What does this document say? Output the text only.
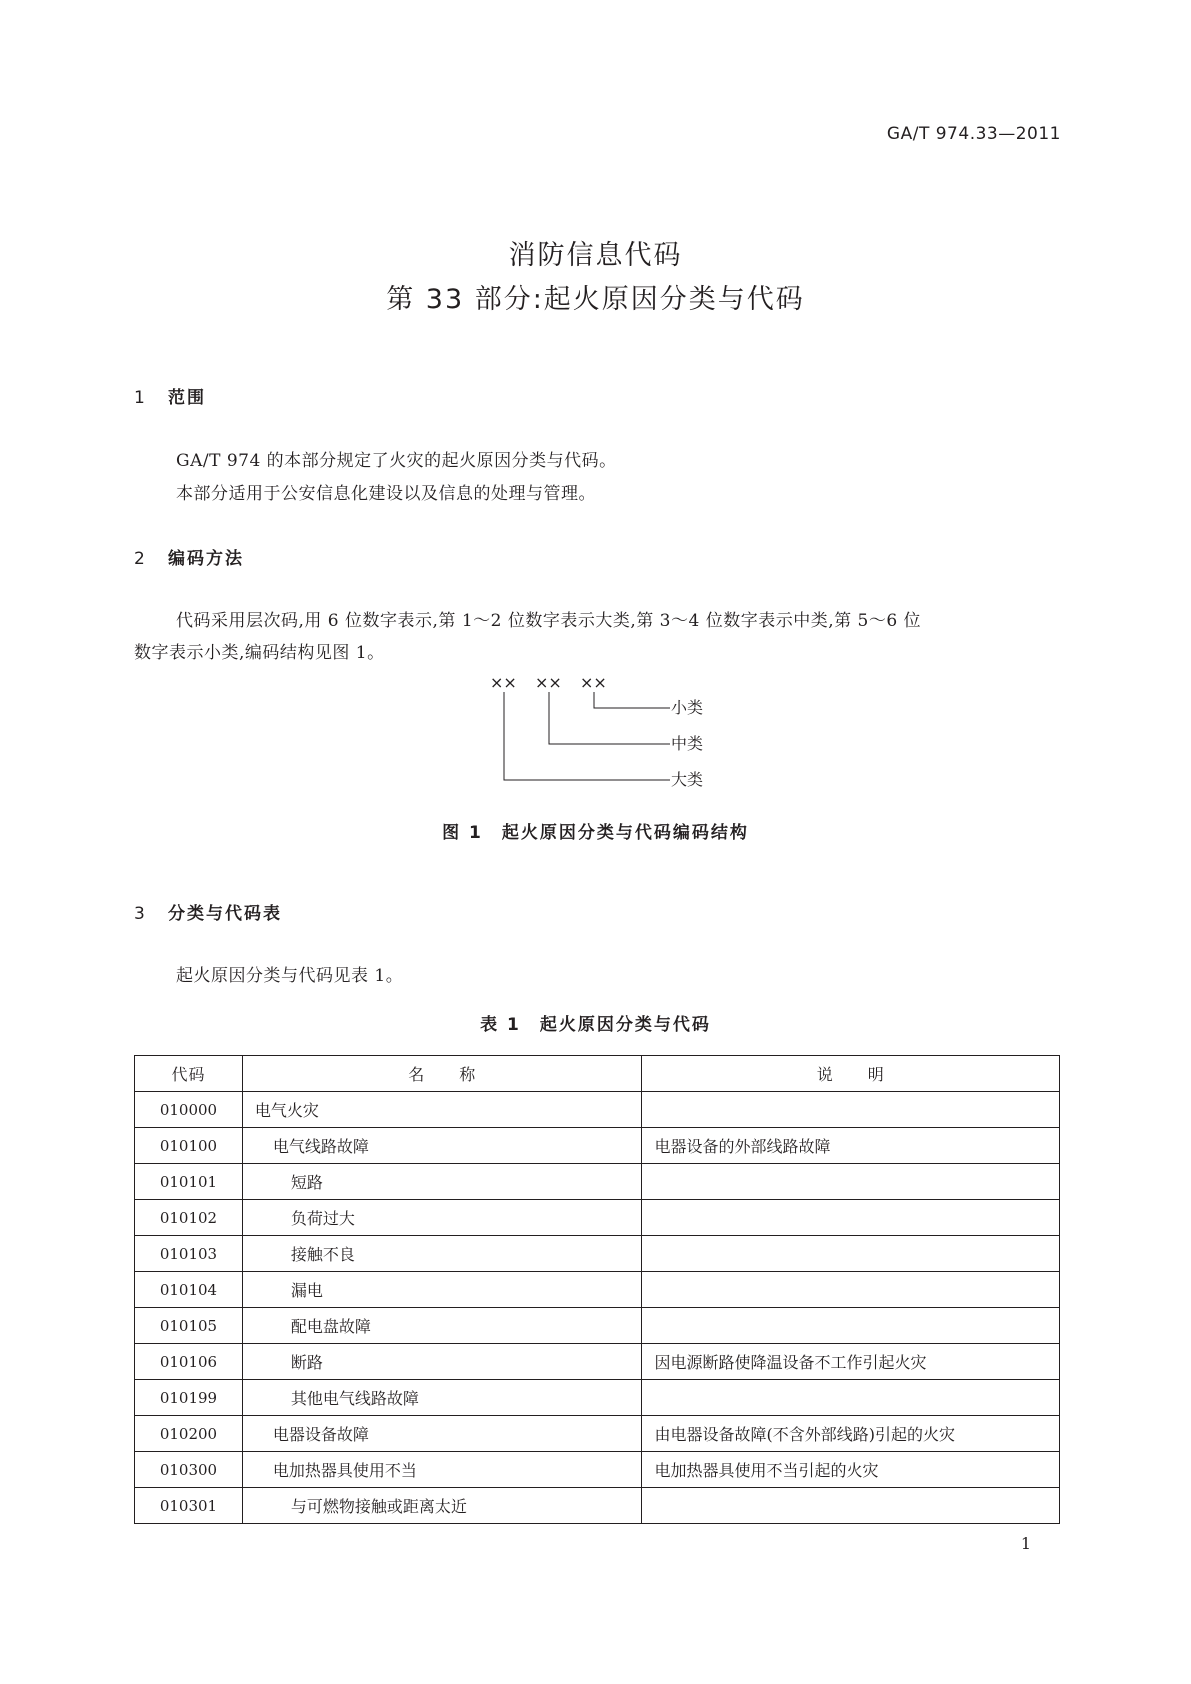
GA/T 974.33—2011
消防信息代码
第 33 部分:起火原因分类与代码
1 范围
GA/T 974 的本部分规定了火灾的起火原因分类与代码。
本部分适用于公安信息化建设以及信息的处理与管理。
2 编码方法
代码采用层次码,用 6 位数字表示,第 1～2 位数字表示大类,第 3～4 位数字表示中类,第 5～6 位
数字表示小类,编码结构见图 1。
×× ×× ××
小类
中类
大类
图 1　起火原因分类与代码编码结构
3 分类与代码表
起火原因分类与代码见表 1。
表 1　起火原因分类与代码
代码	名　　称	说　　明
010000	电气火灾	
010100	电气线路故障	电器设备的外部线路故障
010101	短路	
010102	负荷过大	
010103	接触不良	
010104	漏电	
010105	配电盘故障	
010106	断路	因电源断路使降温设备不工作引起火灾
010199	其他电气线路故障	
010200	电器设备故障	由电器设备故障(不含外部线路)引起的火灾
010300	电加热器具使用不当	电加热器具使用不当引起的火灾
010301	与可燃物接触或距离太近	
1
